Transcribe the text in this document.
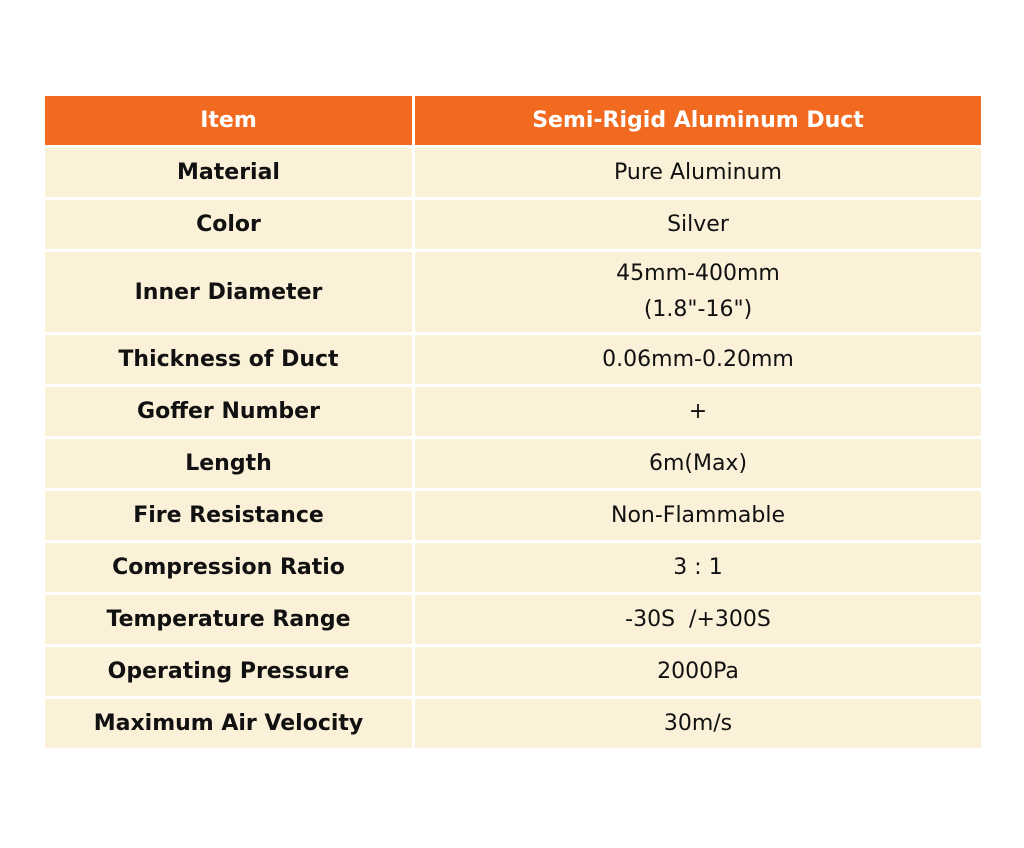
Item	Semi-Rigid Aluminum Duct
Material	Pure Aluminum
Color	Silver
Inner Diameter	45mm-400mm
(1.8"-16")

Thickness of Duct	0.06mm-0.20mm
Goffer Number	+
Length	6m(Max)
Fire Resistance	Non-Flammable
Compression Ratio	3 : 1
Temperature Range	-30S  /+300S
Operating Pressure	2000Pa
Maximum Air Velocity	30m/s
